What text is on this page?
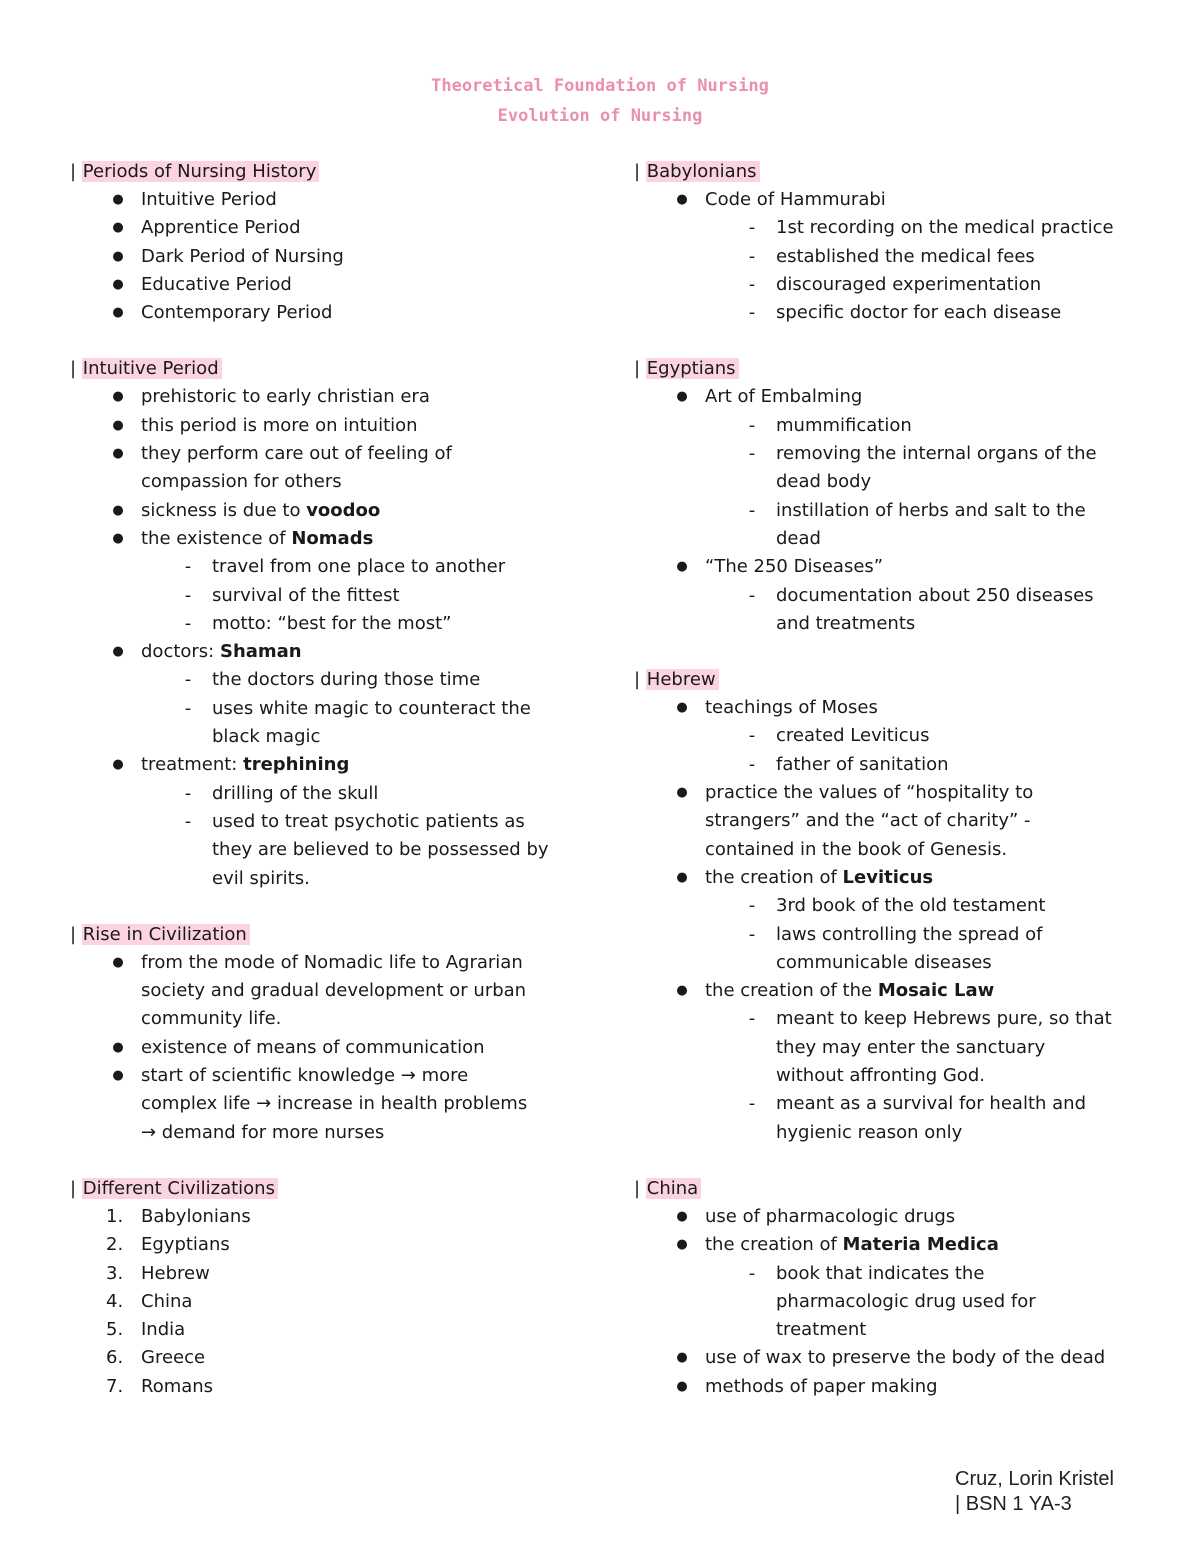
Theoretical Foundation of Nursing
Evolution of Nursing
| Periods of Nursing History
● Intuitive Period
● Apprentice Period
● Dark Period of Nursing
● Educative Period
● Contemporary Period
| Intuitive Period
● prehistoric to early christian era
● this period is more on intuition
● they perform care out of feeling of
compassion for others
● sickness is due to voodoo
● the existence of Nomads
-	travel from one place to another
-	survival of the fittest
-	motto: “best for the most”
● doctors: Shaman
-	the doctors during those time
-	uses white magic to counteract the
black magic
● treatment: trephining
-	drilling of the skull
-	used to treat psychotic patients as
they are believed to be possessed by
evil spirits.
| Rise in Civilization
● from the mode of Nomadic life to Agrarian
society and gradual development or urban
community life.
● existence of means of communication
● start of scientific knowledge → more
complex life → increase in health problems
→ demand for more nurses
| Different Civilizations
1. Babylonians
2. Egyptians
3. Hebrew
4. China
5. India
6. Greece
7. Romans
| Babylonians
● Code of Hammurabi
-	1st recording on the medical practice
-	established the medical fees
-	discouraged experimentation
-	specific doctor for each disease
| Egyptians
● Art of Embalming
-	mummification
-	removing the internal organs of the
dead body
-	instillation of herbs and salt to the
dead
● “The 250 Diseases”
-	documentation about 250 diseases
and treatments
| Hebrew
● teachings of Moses
-	created Leviticus
-	father of sanitation
● practice the values of “hospitality to
strangers” and the “act of charity” -
contained in the book of Genesis.
● the creation of Leviticus
-	3rd book of the old testament
-	laws controlling the spread of
communicable diseases
● the creation of the Mosaic Law
-	meant to keep Hebrews pure, so that
they may enter the sanctuary
without affronting God.
-	meant as a survival for health and
hygienic reason only
| China
● use of pharmacologic drugs
● the creation of Materia Medica
-	book that indicates the
pharmacologic drug used for
treatment
● use of wax to preserve the body of the dead
● methods of paper making
Cruz, Lorin Kristel
| BSN 1 YA-3
